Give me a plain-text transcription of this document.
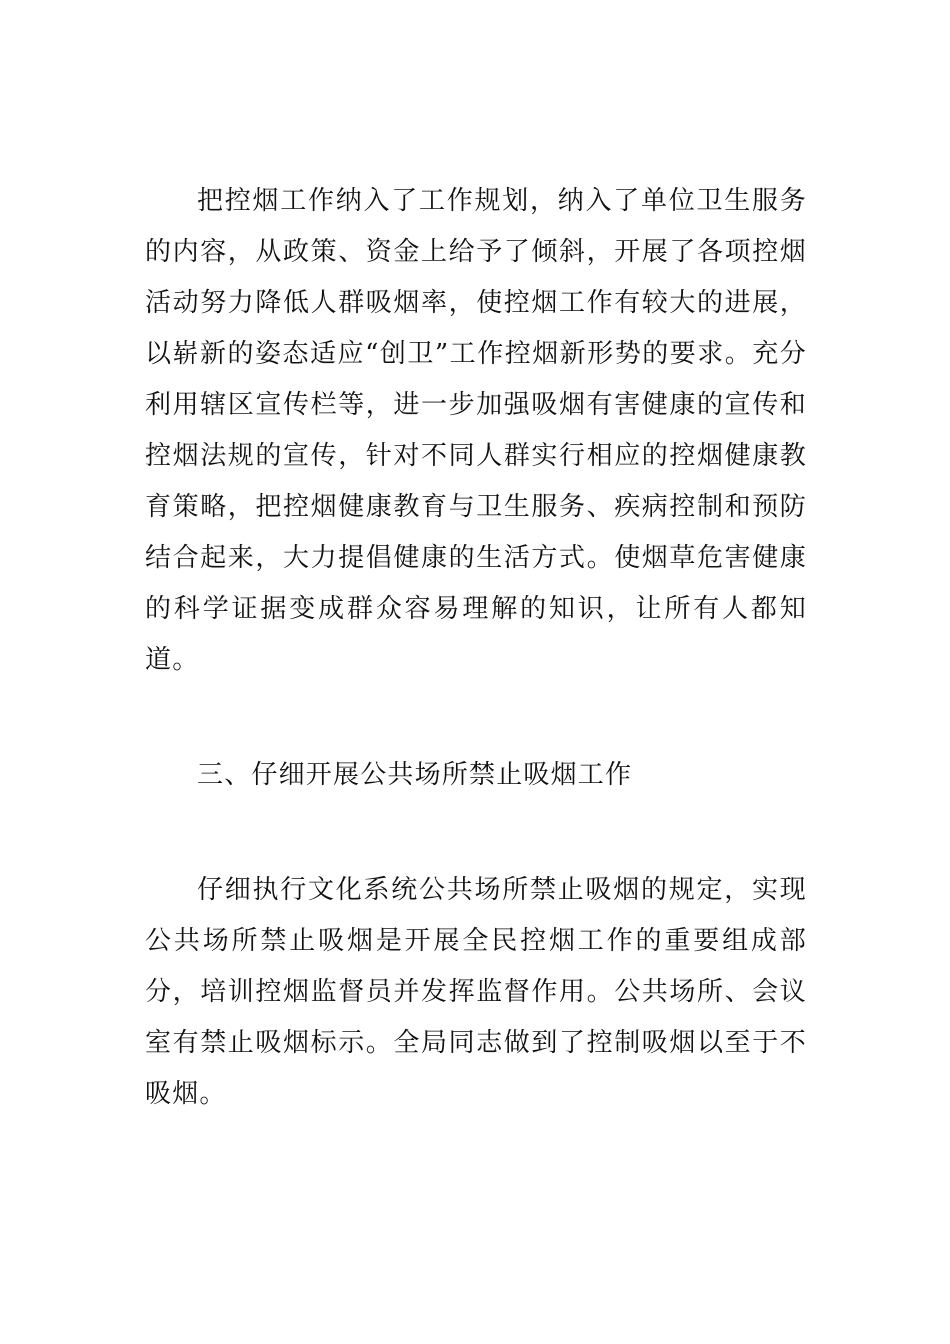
把控烟工作纳入了工作规划，纳入了单位卫生服务的内容，从政策、资金上给予了倾斜，开展了各项控烟活动努力降低人群吸烟率，使控烟工作有较大的进展，以崭新的姿态适应“创卫”工作控烟新形势的要求。充分利用辖区宣传栏等，进一步加强吸烟有害健康的宣传和控烟法规的宣传，针对不同人群实行相应的控烟健康教育策略，把控烟健康教育与卫生服务、疾病控制和预防结合起来，大力提倡健康的生活方式。使烟草危害健康的科学证据变成群众容易理解的知识，让所有人都知道。

三、仔细开展公共场所禁止吸烟工作

仔细执行文化系统公共场所禁止吸烟的规定，实现公共场所禁止吸烟是开展全民控烟工作的重要组成部分，培训控烟监督员并发挥监督作用。公共场所、会议室有禁止吸烟标示。全局同志做到了控制吸烟以至于不吸烟。
